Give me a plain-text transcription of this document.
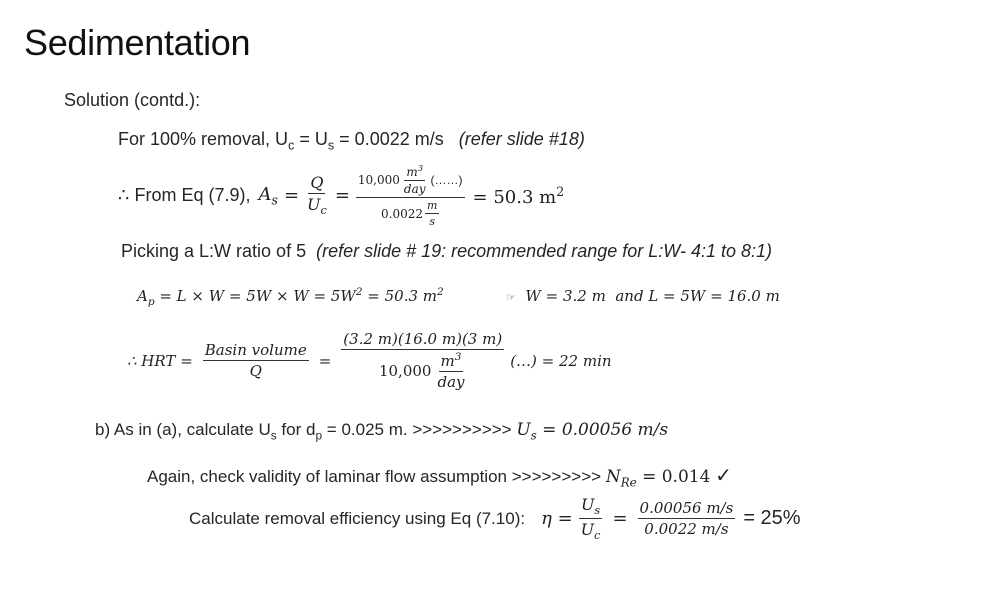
Sedimentation
Solution (contd.):
For 100% removal, $U_c = U_s = 0.0022$ m/s (refer slide #18)
∴ From Eq (7.9), $A_s = \frac{Q}{U_c} = \frac{10,000 \frac{m^3}{\text{day}} (\dots\dots)}{0.0022 \frac{m}{s}} = 50.3$ $m^2$
Picking a L:W ratio of 5 (refer slide # 19: recommended range for L:W- 4:1 to 8:1)
$A_p = L \times W = 5W \times W = 5W^2 = 50.3$ $m^2$	☞ W = 3.2 m and L = 5W = 16.0 m
∴ HRT = $\frac{\text{Basin volume}}{Q} = \frac{(3.2 m)(16.0 m)(3 m)}{10,000 \frac{m^3}{\text{day}}}$ (…) = 22 min
b) As in (a), calculate $U_s$ for $d_p = 0.025$ m. >>>>>>>>>> $U_s = 0.00056$ m/s
Again, check validity of laminar flow assumption >>>>>>>>> $N_{Re} = 0.014$ ✓
Calculate removal efficiency using Eq (7.10): $\eta = \frac{U_s}{U_c} = \frac{0.00056 m/s}{0.0022 m/s} = 25\%$
